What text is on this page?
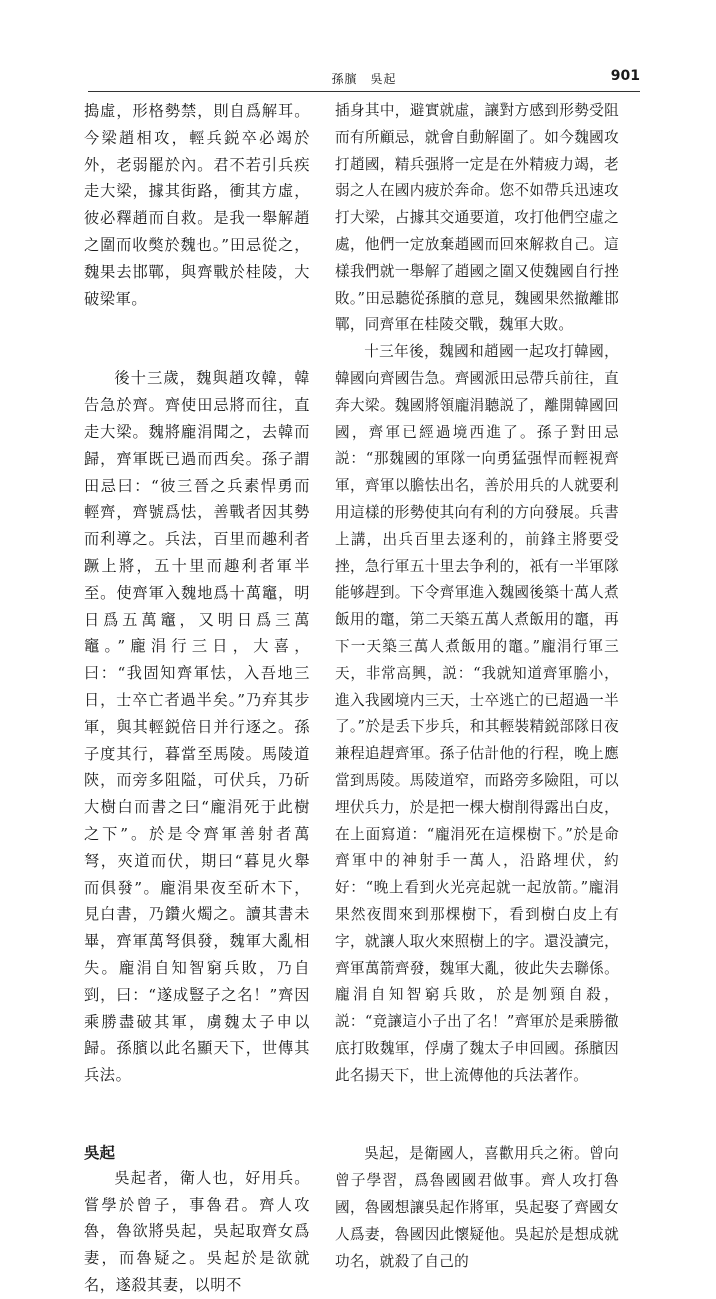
孫臏　吳起	901

搗虛，形格勢禁，則自爲解耳。今梁趙相攻，輕兵鋭卒必竭於外，老弱罷於內。君不若引兵疾走大梁，據其街路，衝其方虛，彼必釋趙而自救。是我一舉解趙之圍而收獘於魏也。”田忌從之，魏果去邯鄲，與齊戰於桂陵，大破梁軍。

後十三歲，魏與趙攻韓，韓告急於齊。齊使田忌將而往，直走大梁。魏將龐涓聞之，去韓而歸，齊軍既已過而西矣。孫子謂田忌曰：“彼三晉之兵素悍勇而輕齊，齊號爲怯，善戰者因其勢而利導之。兵法，百里而趣利者蹶上將，五十里而趣利者軍半至。使齊軍入魏地爲十萬竈，明日爲五萬竈，又明日爲三萬竈。”龐涓行三日，大喜，曰：“我固知齊軍怯，入吾地三日，士卒亡者過半矣。”乃弃其步軍，與其輕鋭倍日并行逐之。孫子度其行，暮當至馬陵。馬陵道陝，而旁多阻隘，可伏兵，乃斫大樹白而書之曰“龐涓死于此樹之下”。於是令齊軍善射者萬弩，夾道而伏，期曰“暮見火舉而俱發”。龐涓果夜至斫木下，見白書，乃鑽火燭之。讀其書未畢，齊軍萬弩俱發，魏軍大亂相失。龐涓自知智窮兵敗，乃自剄，曰：“遂成豎子之名！”齊因乘勝盡破其軍，虜魏太子申以歸。孫臏以此名顯天下，世傳其兵法。

吳起

吳起者，衛人也，好用兵。嘗學於曾子，事魯君。齊人攻魯，魯欲將吳起，吳起取齊女爲妻，而魯疑之。吳起於是欲就名，遂殺其妻，以明不

插身其中，避實就虛，讓對方感到形勢受阻而有所顧忌，就會自動解圍了。如今魏國攻打趙國，精兵强將一定是在外精疲力竭，老弱之人在國内疲於奔命。您不如帶兵迅速攻打大梁，占據其交通要道，攻打他們空虛之處，他們一定放棄趙國而回來解救自己。這樣我們就一舉解了趙國之圍又使魏國自行挫敗。”田忌聽從孫臏的意見，魏國果然撤離邯鄲，同齊軍在桂陵交戰，魏軍大敗。

十三年後，魏國和趙國一起攻打韓國，韓國向齊國告急。齊國派田忌帶兵前往，直奔大梁。魏國將領龐涓聽説了，離開韓國回國，齊軍已經過境西進了。孫子對田忌説：“那魏國的軍隊一向勇猛强悍而輕視齊軍，齊軍以膽怯出名，善於用兵的人就要利用這樣的形勢使其向有利的方向發展。兵書上講，出兵百里去逐利的，前鋒主將要受挫，急行軍五十里去争利的，祇有一半軍隊能够趕到。下令齊軍進入魏國後築十萬人煮飯用的竈，第二天築五萬人煮飯用的竈，再下一天築三萬人煮飯用的竈。”龐涓行軍三天，非常高興，説：“我就知道齊軍膽小，進入我國境内三天，士卒逃亡的已超過一半了。”於是丢下步兵，和其輕裝精鋭部隊日夜兼程追趕齊軍。孫子估計他的行程，晚上應當到馬陵。馬陵道窄，而路旁多險阻，可以埋伏兵力，於是把一棵大樹削得露出白皮，在上面寫道：“龐涓死在這棵樹下。”於是命齊軍中的神射手一萬人，沿路埋伏，約好：“晚上看到火光亮起就一起放箭。”龐涓果然夜間來到那棵樹下，看到樹白皮上有字，就讓人取火來照樹上的字。還没讀完，齊軍萬箭齊發，魏軍大亂，彼此失去聯係。龐涓自知智窮兵敗，於是刎頸自殺，説：“竟讓這小子出了名！”齊軍於是乘勝徹底打敗魏軍，俘虜了魏太子申回國。孫臏因此名揚天下，世上流傳他的兵法著作。

吳起，是衛國人，喜歡用兵之術。曾向曾子學習，爲魯國國君做事。齊人攻打魯國，魯國想讓吳起作將軍，吳起娶了齊國女人爲妻，魯國因此懷疑他。吳起於是想成就功名，就殺了自己的
